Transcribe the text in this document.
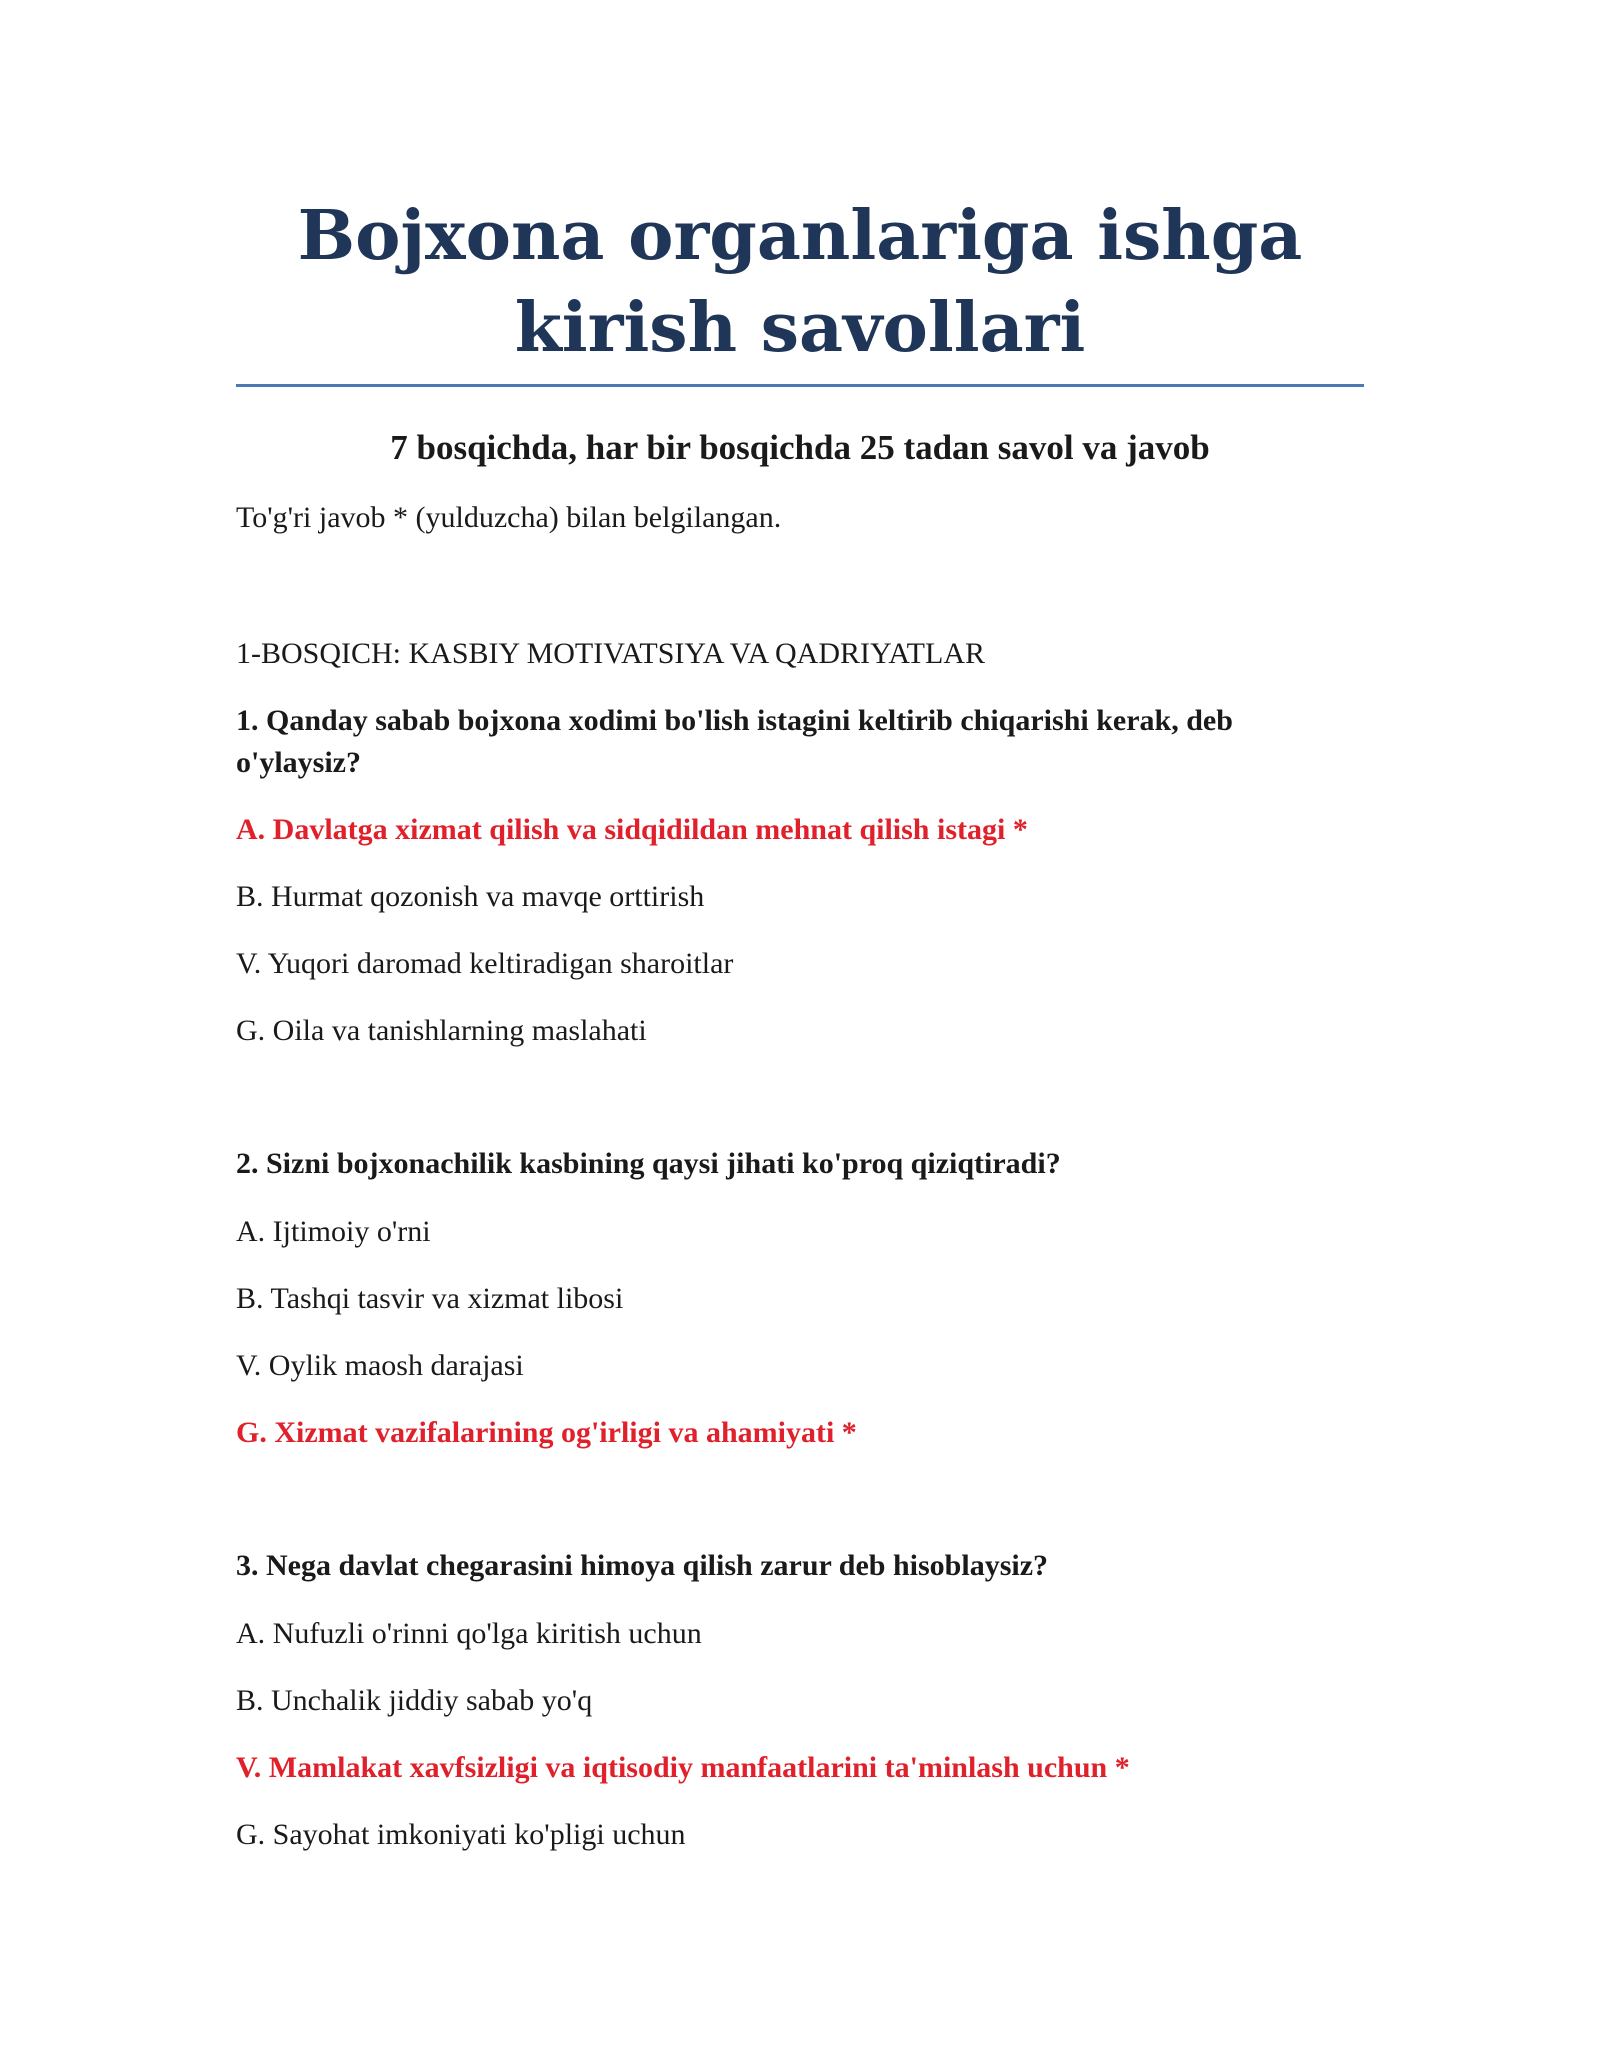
Bojxona organlariga ishga
kirish savollari

7 bosqichda, har bir bosqichda 25 tadan savol va javob

To'g'ri javob * (yulduzcha) bilan belgilangan.

1-BOSQICH: KASBIY MOTIVATSIYA VA QADRIYATLAR

1. Qanday sabab bojxona xodimi bo'lish istagini keltirib chiqarishi kerak, deb o'ylaysiz?

A. Davlatga xizmat qilish va sidqidildan mehnat qilish istagi *

B. Hurmat qozonish va mavqe orttirish

V. Yuqori daromad keltiradigan sharoitlar

G. Oila va tanishlarning maslahati

2. Sizni bojxonachilik kasbining qaysi jihati ko'proq qiziqtiradi?

A. Ijtimoiy o'rni

B. Tashqi tasvir va xizmat libosi

V. Oylik maosh darajasi

G. Xizmat vazifalarining og'irligi va ahamiyati *

3. Nega davlat chegarasini himoya qilish zarur deb hisoblaysiz?

A. Nufuzli o'rinni qo'lga kiritish uchun

B. Unchalik jiddiy sabab yo'q

V. Mamlakat xavfsizligi va iqtisodiy manfaatlarini ta'minlash uchun *

G. Sayohat imkoniyati ko'pligi uchun
